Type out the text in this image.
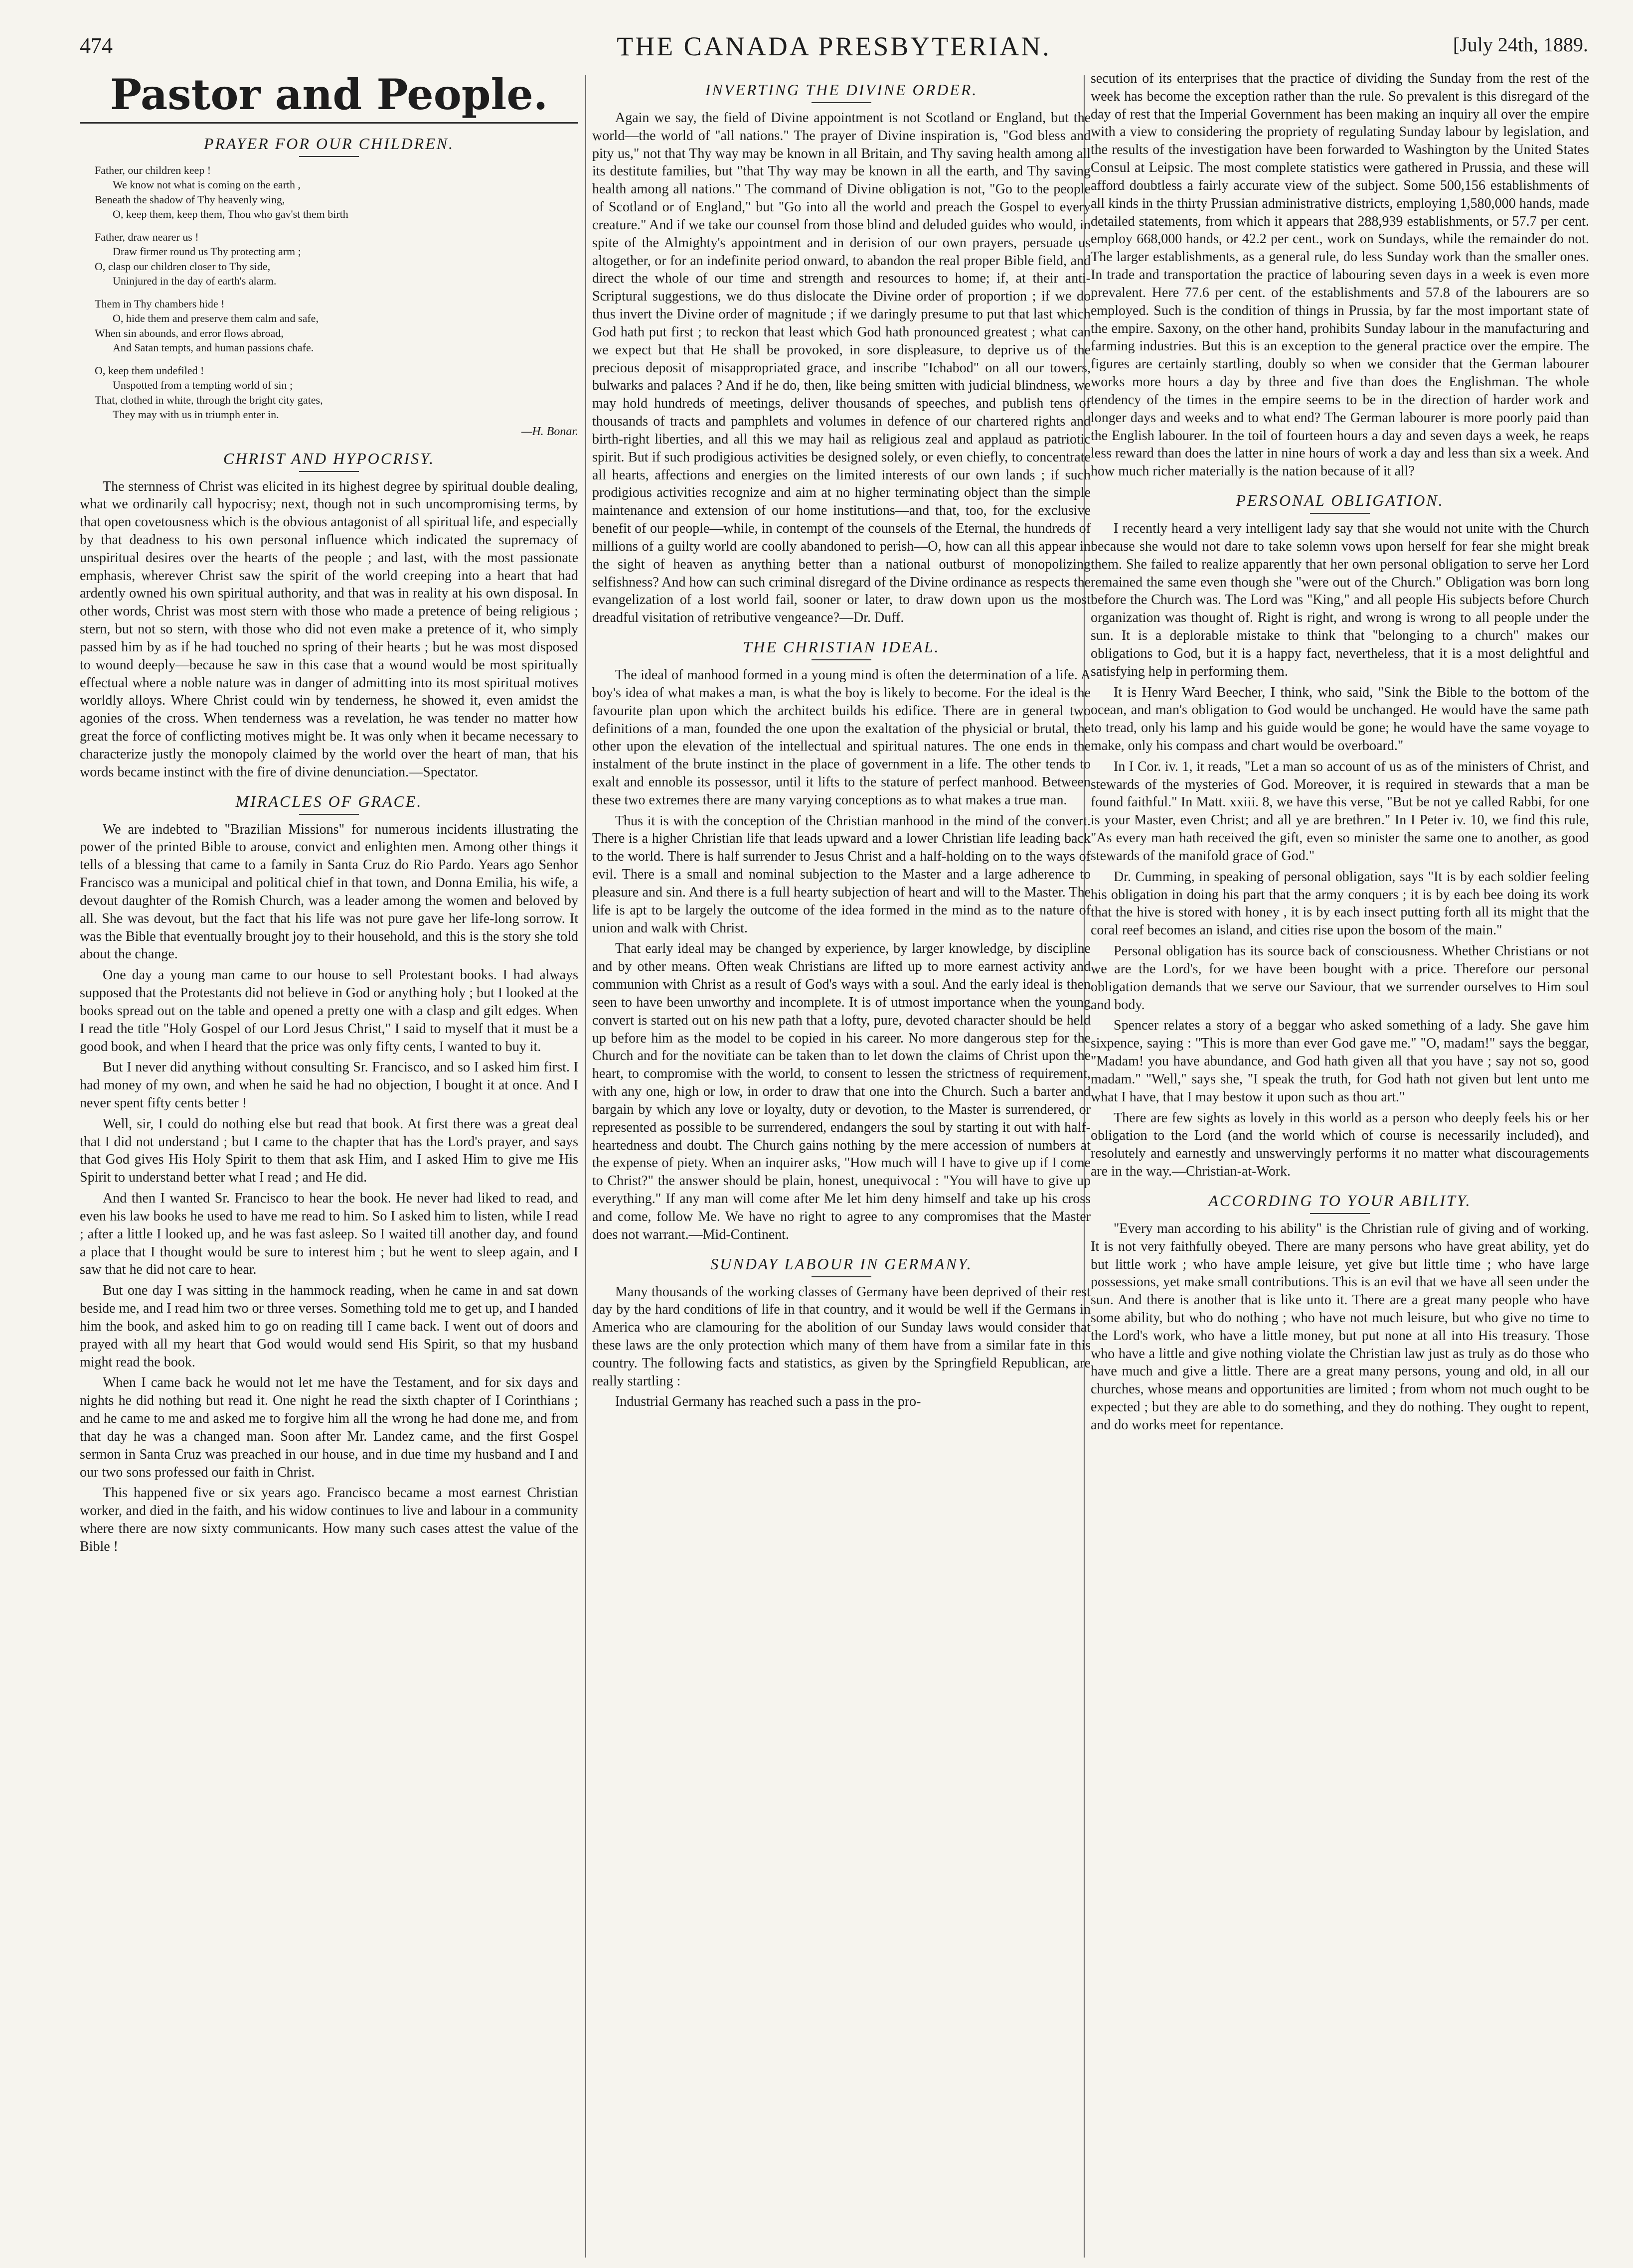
474	THE CANADA PRESBYTERIAN.	[July 24th, 1889.
Pastor and People.
PRAYER FOR OUR CHILDREN.
Father, our children keep !
We know not what is coming on the earth ,
Beneath the shadow of Thy heavenly wing,
O, keep them, keep them, Thou who gav'st them birth
Father, draw nearer us !
Draw firmer round us Thy protecting arm ;
O, clasp our children closer to Thy side,
Uninjured in the day of earth's alarm.
Them in Thy chambers hide !
O, hide them and preserve them calm and safe,
When sin abounds, and error flows abroad,
And Satan tempts, and human passions chafe.
O, keep them undefiled !
Unspotted from a tempting world of sin ;
That, clothed in white, through the bright city gates,
They may with us in triumph enter in.
—H. Bonar.
CHRIST AND HYPOCRISY.

The sternness of Christ was elicited in its highest degree by spiritual double dealing, what we ordinarily call hypocrisy; next, though not in such uncompromising terms, by that open covetousness which is the obvious antagonist of all spiritual life, and especially by that deadness to his own personal influence which indicated the supremacy of unspiritual desires over the hearts of the people ; and last, with the most passionate emphasis, wherever Christ saw the spirit of the world creeping into a heart that had ardently owned his own spiritual authority, and that was in reality at his own disposal. In other words, Christ was most stern with those who made a pretence of being religious ; stern, but not so stern, with those who did not even make a pretence of it, who simply passed him by as if he had touched no spring of their hearts ; but he was most disposed to wound deeply—because he saw in this case that a wound would be most spiritually effectual where a noble nature was in danger of admitting into its most spiritual motives worldly alloys. Where Christ could win by tenderness, he showed it, even amidst the agonies of the cross. When tenderness was a revelation, he was tender no matter how great the force of conflicting motives might be. It was only when it became necessary to characterize justly the monopoly claimed by the world over the heart of man, that his words became instinct with the fire of divine denunciation.—Spectator.

MIRACLES OF GRACE.

We are indebted to "Brazilian Missions" for numerous incidents illustrating the power of the printed Bible to arouse, convict and enlighten men. Among other things it tells of a blessing that came to a family in Santa Cruz do Rio Pardo. Years ago Senhor Francisco was a municipal and political chief in that town, and Donna Emilia, his wife, a devout daughter of the Romish Church, was a leader among the women and beloved by all. She was devout, but the fact that his life was not pure gave her life-long sorrow. It was the Bible that eventually brought joy to their household, and this is the story she told about the change.

One day a young man came to our house to sell Protestant books. I had always supposed that the Protestants did not believe in God or anything holy ; but I looked at the books spread out on the table and opened a pretty one with a clasp and gilt edges. When I read the title "Holy Gospel of our Lord Jesus Christ," I said to myself that it must be a good book, and when I heard that the price was only fifty cents, I wanted to buy it.

But I never did anything without consulting Sr. Francisco, and so I asked him first. I had money of my own, and when he said he had no objection, I bought it at once. And I never spent fifty cents better !

Well, sir, I could do nothing else but read that book. At first there was a great deal that I did not understand ; but I came to the chapter that has the Lord's prayer, and says that God gives His Holy Spirit to them that ask Him, and I asked Him to give me His Spirit to understand better what I read ; and He did.

And then I wanted Sr. Francisco to hear the book. He never had liked to read, and even his law books he used to have me read to him. So I asked him to listen, while I read ; after a little I looked up, and he was fast asleep. So I waited till another day, and found a place that I thought would be sure to interest him ; but he went to sleep again, and I saw that he did not care to hear.

But one day I was sitting in the hammock reading, when he came in and sat down beside me, and I read him two or three verses. Something told me to get up, and I handed him the book, and asked him to go on reading till I came back. I went out of doors and prayed with all my heart that God would would send His Spirit, so that my husband might read the book.

When I came back he would not let me have the Testament, and for six days and nights he did nothing but read it. One night he read the sixth chapter of I Corinthians ; and he came to me and asked me to forgive him all the wrong he had done me, and from that day he was a changed man. Soon after Mr. Landez came, and the first Gospel sermon in Santa Cruz was preached in our house, and in due time my husband and I and our two sons professed our faith in Christ.

This happened five or six years ago. Francisco became a most earnest Christian worker, and died in the faith, and his widow continues to live and labour in a community where there are now sixty communicants. How many such cases attest the value of the Bible !

INVERTING THE DIVINE ORDER.

Again we say, the field of Divine appointment is not Scotland or England, but the world—the world of "all nations." The prayer of Divine inspiration is, "God bless and pity us," not that Thy way may be known in all Britain, and Thy saving health among all its destitute families, but "that Thy way may be known in all the earth, and Thy saving health among all nations." The command of Divine obligation is not, "Go to the people of Scotland or of England," but "Go into all the world and preach the Gospel to every creature." And if we take our counsel from those blind and deluded guides who would, in spite of the Almighty's appointment and in derision of our own prayers, persuade us altogether, or for an indefinite period onward, to abandon the real proper Bible field, and direct the whole of our time and strength and resources to home; if, at their anti-Scriptural suggestions, we do thus dislocate the Divine order of proportion ; if we do thus invert the Divine order of magnitude ; if we daringly presume to put that last which God hath put first ; to reckon that least which God hath pronounced greatest ; what can we expect but that He shall be provoked, in sore displeasure, to deprive us of the precious deposit of misappropriated grace, and inscribe "Ichabod" on all our towers, bulwarks and palaces ? And if he do, then, like being smitten with judicial blindness, we may hold hundreds of meetings, deliver thousands of speeches, and publish tens of thousands of tracts and pamphlets and volumes in defence of our chartered rights and birth-right liberties, and all this we may hail as religious zeal and applaud as patriotic spirit. But if such prodigious activities be designed solely, or even chiefly, to concentrate all hearts, affections and energies on the limited interests of our own lands ; if such prodigious activities recognize and aim at no higher terminating object than the simple maintenance and extension of our home institutions—and that, too, for the exclusive benefit of our people—while, in contempt of the counsels of the Eternal, the hundreds of millions of a guilty world are coolly abandoned to perish—O, how can all this appear in the sight of heaven as anything better than a national outburst of monopolizing selfishness? And how can such criminal disregard of the Divine ordinance as respects the evangelization of a lost world fail, sooner or later, to draw down upon us the most dreadful visitation of retributive vengeance?—Dr. Duff.

THE CHRISTIAN IDEAL.

The ideal of manhood formed in a young mind is often the determination of a life. A boy's idea of what makes a man, is what the boy is likely to become. For the ideal is the favourite plan upon which the architect builds his edifice. There are in general two definitions of a man, founded the one upon the exaltation of the physicial or brutal, the other upon the elevation of the intellectual and spiritual natures. The one ends in the instalment of the brute instinct in the place of government in a life. The other tends to exalt and ennoble its possessor, until it lifts to the stature of perfect manhood. Between these two extremes there are many varying conceptions as to what makes a true man.

Thus it is with the conception of the Christian manhood in the mind of the convert. There is a higher Christian life that leads upward and a lower Christian life leading back to the world. There is half surrender to Jesus Christ and a half-holding on to the ways of evil. There is a small and nominal subjection to the Master and a large adherence to pleasure and sin. And there is a full hearty subjection of heart and will to the Master. The life is apt to be largely the outcome of the idea formed in the mind as to the nature of union and walk with Christ.

That early ideal may be changed by experience, by larger knowledge, by discipline and by other means. Often weak Christians are lifted up to more earnest activity and communion with Christ as a result of God's ways with a soul. And the early ideal is then seen to have been unworthy and incomplete. It is of utmost importance when the young convert is started out on his new path that a lofty, pure, devoted character should be held up before him as the model to be copied in his career. No more dangerous step for the Church and for the novitiate can be taken than to let down the claims of Christ upon the heart, to compromise with the world, to consent to lessen the strictness of requirement, with any one, high or low, in order to draw that one into the Church. Such a barter and bargain by which any love or loyalty, duty or devotion, to the Master is surrendered, or represented as possible to be surrendered, endangers the soul by starting it out with half-heartedness and doubt. The Church gains nothing by the mere accession of numbers at the expense of piety. When an inquirer asks, "How much will I have to give up if I come to Christ?" the answer should be plain, honest, unequivocal : "You will have to give up everything." If any man will come after Me let him deny himself and take up his cross and come, follow Me. We have no right to agree to any compromises that the Master does not warrant.—Mid-Continent.

SUNDAY LABOUR IN GERMANY.

Many thousands of the working classes of Germany have been deprived of their rest day by the hard conditions of life in that country, and it would be well if the Germans in America who are clamouring for the abolition of our Sunday laws would consider that these laws are the only protection which many of them have from a similar fate in this country. The following facts and statistics, as given by the Springfield Republican, are really startling :

Industrial Germany has reached such a pass in the pro-

secution of its enterprises that the practice of dividing the Sunday from the rest of the week has become the exception rather than the rule. So prevalent is this disregard of the day of rest that the Imperial Government has been making an inquiry all over the empire with a view to considering the propriety of regulating Sunday labour by legislation, and the results of the investigation have been forwarded to Washington by the United States Consul at Leipsic. The most complete statistics were gathered in Prussia, and these will afford doubtless a fairly accurate view of the subject. Some 500,156 establishments of all kinds in the thirty Prussian administrative districts, employing 1,580,000 hands, made detailed statements, from which it appears that 288,939 establishments, or 57.7 per cent. employ 668,000 hands, or 42.2 per cent., work on Sundays, while the remainder do not. The larger establishments, as a general rule, do less Sunday work than the smaller ones. In trade and transportation the practice of labouring seven days in a week is even more prevalent. Here 77.6 per cent. of the establishments and 57.8 of the labourers are so employed. Such is the condition of things in Prussia, by far the most important state of the empire. Saxony, on the other hand, prohibits Sunday labour in the manufacturing and farming industries. But this is an exception to the general practice over the empire. The figures are certainly startling, doubly so when we consider that the German labourer works more hours a day by three and five than does the Englishman. The whole tendency of the times in the empire seems to be in the direction of harder work and longer days and weeks and to what end? The German labourer is more poorly paid than the English labourer. In the toil of fourteen hours a day and seven days a week, he reaps less reward than does the latter in nine hours of work a day and less than six a week. And how much richer materially is the nation because of it all?

PERSONAL OBLIGATION.

I recently heard a very intelligent lady say that she would not unite with the Church because she would not dare to take solemn vows upon herself for fear she might break them. She failed to realize apparently that her own personal obligation to serve her Lord remained the same even though she "were out of the Church." Obligation was born long before the Church was. The Lord was "King," and all people His subjects before Church organization was thought of. Right is right, and wrong is wrong to all people under the sun. It is a deplorable mistake to think that "belonging to a church" makes our obligations to God, but it is a happy fact, nevertheless, that it is a most delightful and satisfying help in performing them.

It is Henry Ward Beecher, I think, who said, "Sink the Bible to the bottom of the ocean, and man's obligation to God would be unchanged. He would have the same path to tread, only his lamp and his guide would be gone; he would have the same voyage to make, only his compass and chart would be overboard."

In I Cor. iv. 1, it reads, "Let a man so account of us as of the ministers of Christ, and stewards of the mysteries of God. Moreover, it is required in stewards that a man be found faithful." In Matt. xxiii. 8, we have this verse, "But be not ye called Rabbi, for one is your Master, even Christ; and all ye are brethren." In I Peter iv. 10, we find this rule, "As every man hath received the gift, even so minister the same one to another, as good stewards of the manifold grace of God."

Dr. Cumming, in speaking of personal obligation, says "It is by each soldier feeling his obligation in doing his part that the army conquers ; it is by each bee doing its work that the hive is stored with honey , it is by each insect putting forth all its might that the coral reef becomes an island, and cities rise upon the bosom of the main."

Personal obligation has its source back of consciousness. Whether Christians or not we are the Lord's, for we have been bought with a price. Therefore our personal obligation demands that we serve our Saviour, that we surrender ourselves to Him soul and body.

Spencer relates a story of a beggar who asked something of a lady. She gave him sixpence, saying : "This is more than ever God gave me." "O, madam!" says the beggar, "Madam! you have abundance, and God hath given all that you have ; say not so, good madam." "Well," says she, "I speak the truth, for God hath not given but lent unto me what I have, that I may bestow it upon such as thou art."

There are few sights as lovely in this world as a person who deeply feels his or her obligation to the Lord (and the world which of course is necessarily included), and resolutely and earnestly and unswervingly performs it no matter what discouragements are in the way.—Christian-at-Work.

ACCORDING TO YOUR ABILITY.

"Every man according to his ability" is the Christian rule of giving and of working. It is not very faithfully obeyed. There are many persons who have great ability, yet do but little work ; who have ample leisure, yet give but little time ; who have large possessions, yet make small contributions. This is an evil that we have all seen under the sun. And there is another that is like unto it. There are a great many people who have some ability, but who do nothing ; who have not much leisure, but who give no time to the Lord's work, who have a little money, but put none at all into His treasury. Those who have a little and give nothing violate the Christian law just as truly as do those who have much and give a little. There are a great many persons, young and old, in all our churches, whose means and opportunities are limited ; from whom not much ought to be expected ; but they are able to do something, and they do nothing. They ought to repent, and do works meet for repentance.
